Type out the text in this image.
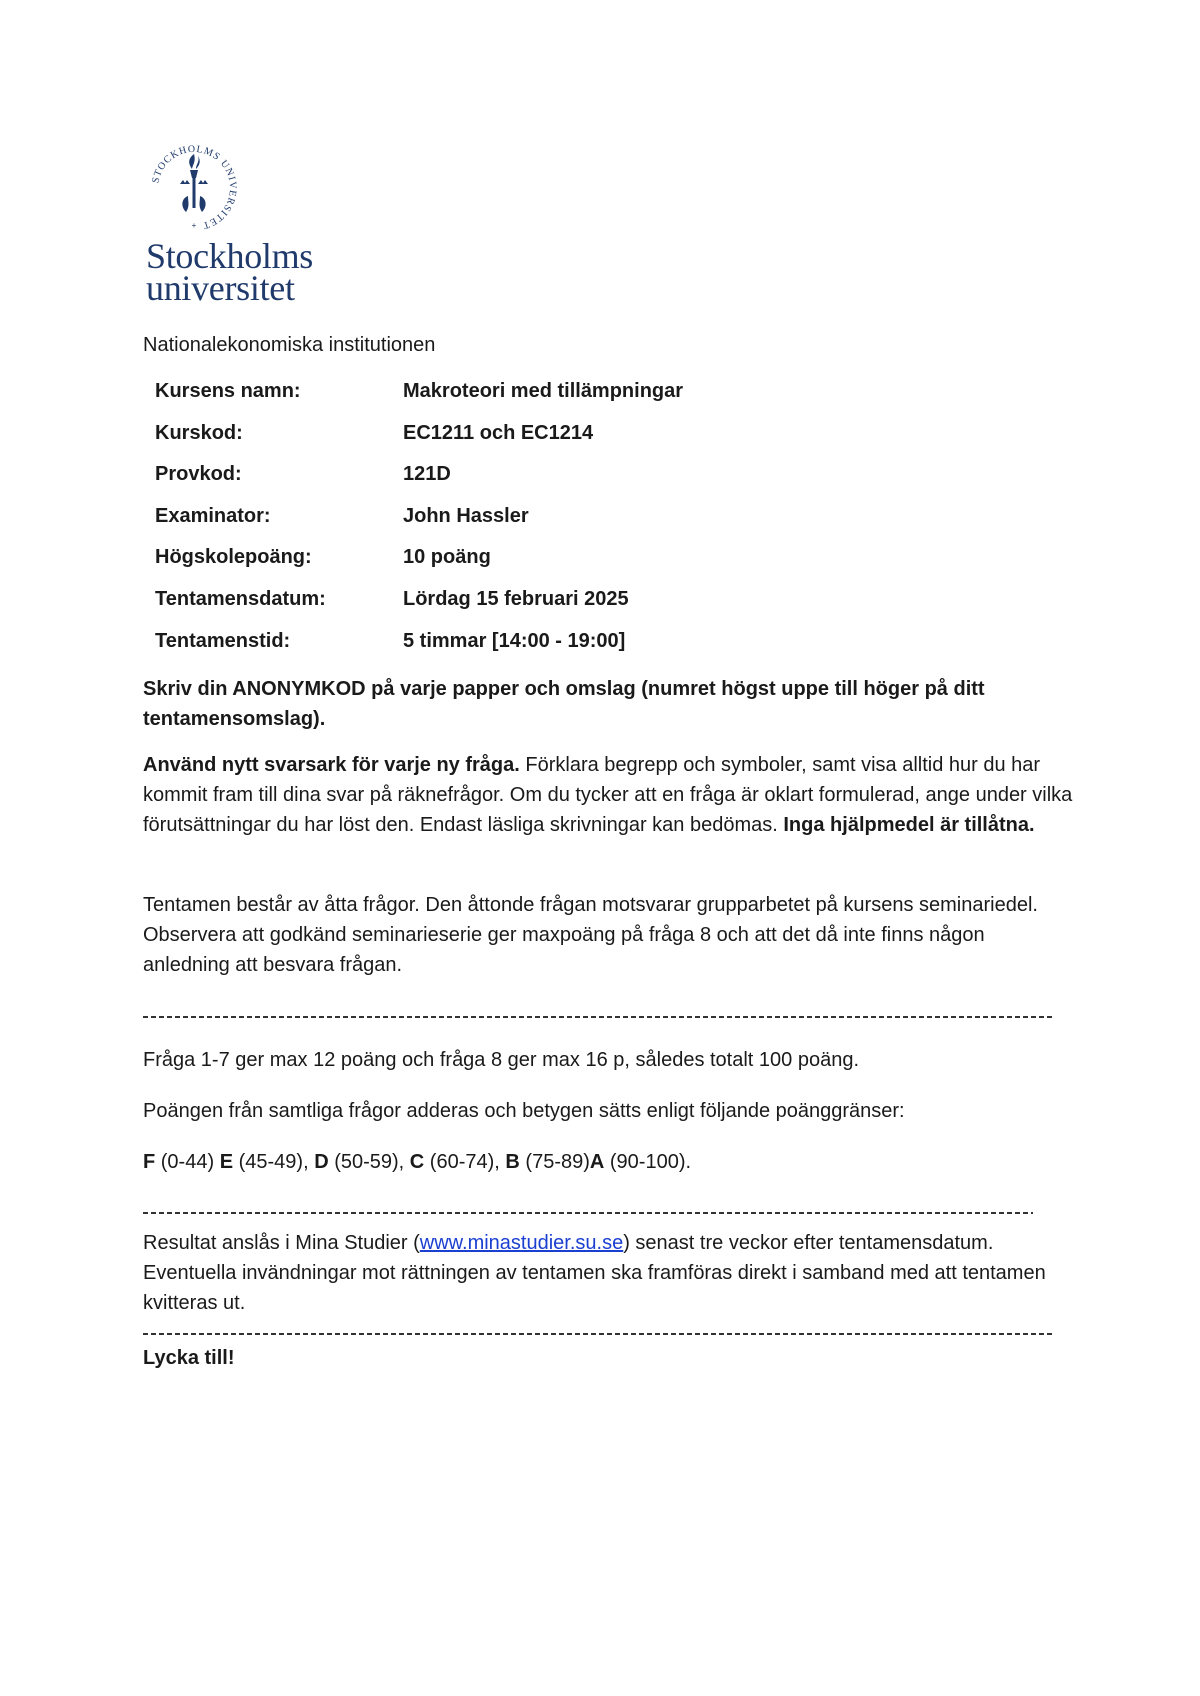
STOCKHOLMS UNIVERSITET
+
Stockholms
universitet
Nationalekonomiska institutionen
Kursens namn:	Makroteori med tillämpningar
Kurskod:	EC1211 och EC1214
Provkod:	121D
Examinator:	John Hassler
Högskolepoäng:	10 poäng
Tentamensdatum:	Lördag 15 februari 2025
Tentamenstid:	5 timmar [14:00 - 19:00]
Skriv din ANONYMKOD på varje papper och omslag (numret högst uppe till höger på ditt tentamensomslag).
Använd nytt svarsark för varje ny fråga. Förklara begrepp och symboler, samt visa alltid hur du har kommit fram till dina svar på räknefrågor. Om du tycker att en fråga är oklart formulerad, ange under vilka förutsättningar du har löst den. Endast läsliga skrivningar kan bedömas. Inga hjälpmedel är tillåtna.
Tentamen består av åtta frågor. Den åttonde frågan motsvarar grupparbetet på kursens seminariedel. Observera att godkänd seminarieserie ger maxpoäng på fråga 8 och att det då inte finns någon anledning att besvara frågan.
Fråga 1-7 ger max 12 poäng och fråga 8 ger max 16 p, således totalt 100 poäng.
Poängen från samtliga frågor adderas och betygen sätts enligt följande poänggränser:
F (0-44) E (45-49), D (50-59), C (60-74), B (75-89)A (90-100).
Resultat anslås i Mina Studier (www.minastudier.su.se) senast tre veckor efter tentamensdatum. Eventuella invändningar mot rättningen av tentamen ska framföras direkt i samband med att tentamen kvitteras ut.
Lycka till!
